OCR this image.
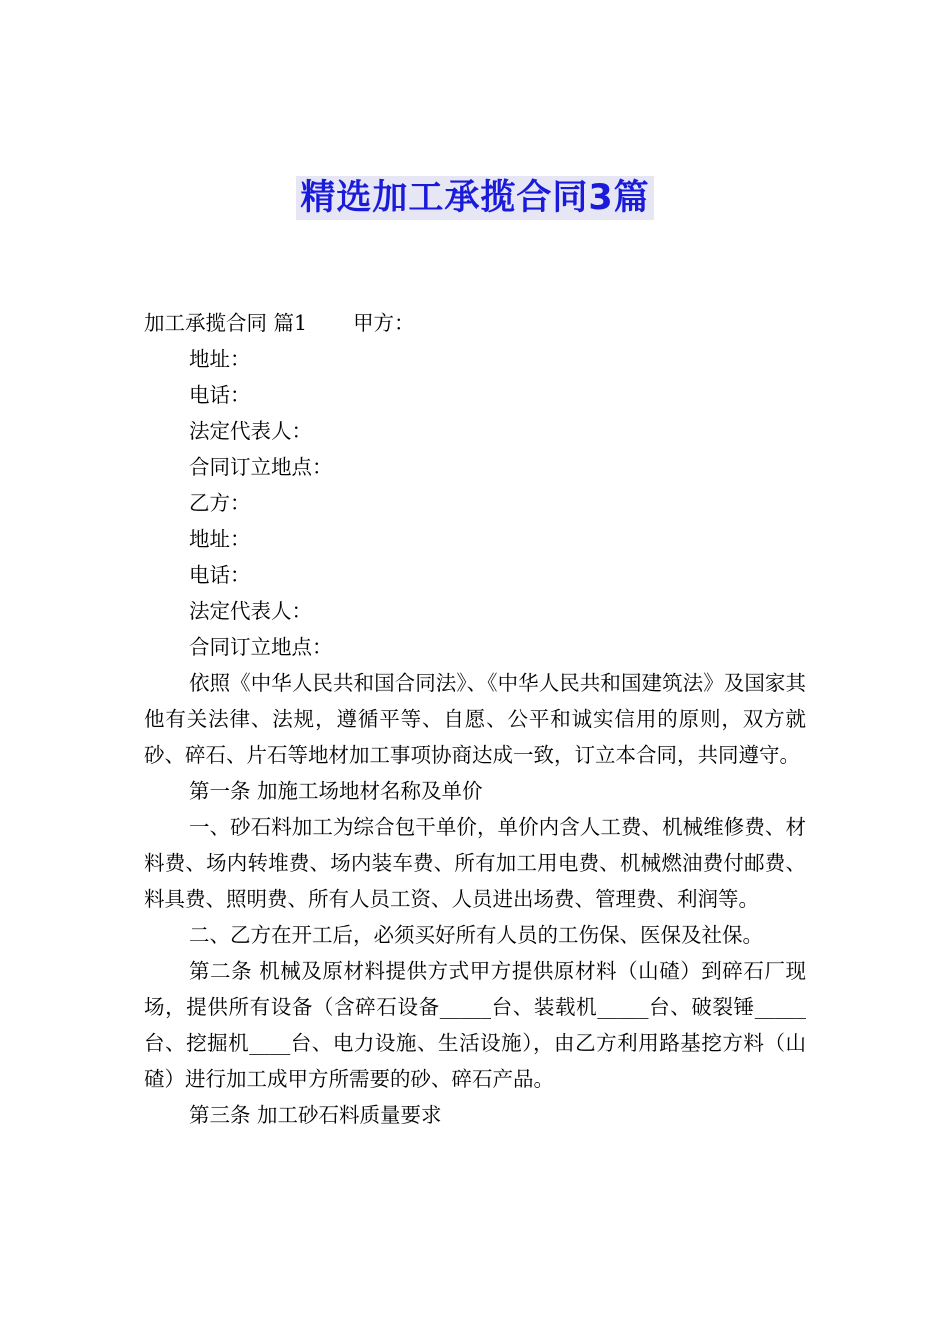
精选加工承揽合同3篇
加工承揽合同 篇1 甲方：
地址：
电话：
法定代表人：
合同订立地点：
乙方：
地址：
电话：
法定代表人：
合同订立地点：

依照《中华人民共和国合同法》、《中华人民共和国建筑法》及国家其他有关法律、法规，遵循平等、自愿、公平和诚实信用的原则，双方就砂、碎石、片石等地材加工事项协商达成一致，订立本合同，共同遵守。

第一条 加施工场地材名称及单价

一、砂石料加工为综合包干单价，单价内含人工费、机械维修费、材料费、场内转堆费、场内装车费、所有加工用电费、机械燃油费付邮费、料具费、照明费、所有人员工资、人员进出场费、管理费、利润等。

二、乙方在开工后，必须买好所有人员的工伤保、医保及社保。

第二条 机械及原材料提供方式甲方提供原材料（山碴）到碎石厂现场，提供所有设备（含碎石设备_____台、装载机_____台、破裂锤_____台、挖掘机____台、电力设施、生活设施），由乙方利用路基挖方料（山碴）进行加工成甲方所需要的砂、碎石产品。

第三条 加工砂石料质量要求
